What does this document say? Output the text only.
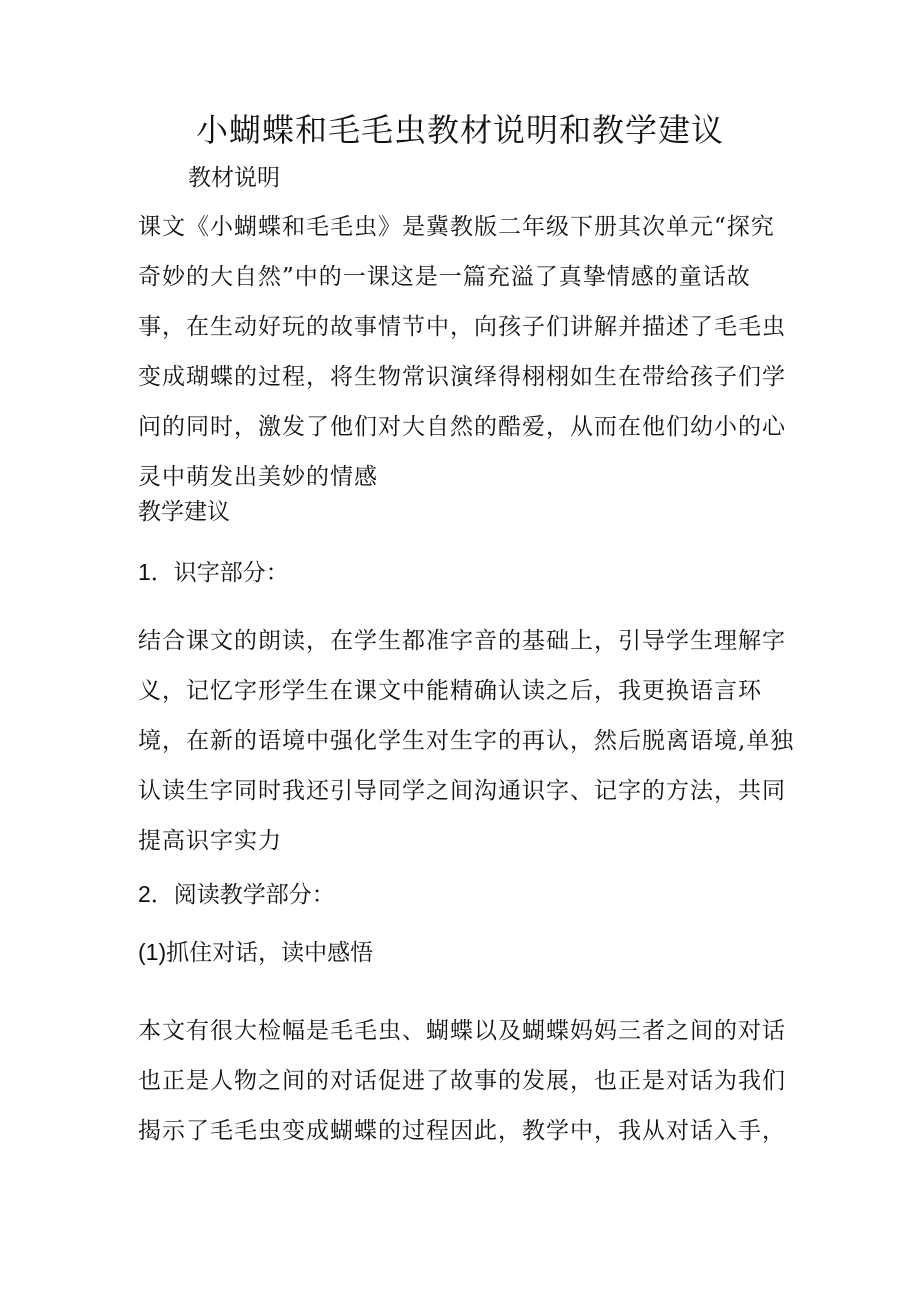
小蝴蝶和毛毛虫教材说明和教学建议
教材说明
课文《小蝴蝶和毛毛虫》是冀教版二年级下册其次单元“探究
奇妙的大自然”中的一课这是一篇充溢了真挚情感的童话故
事，在生动好玩的故事情节中，向孩子们讲解并描述了毛毛虫
变成瑚蝶的过程，将生物常识演绎得栩栩如生在带给孩子们学
问的同时，激发了他们对大自然的酷爱，从而在他们幼小的心
灵中萌发出美妙的情感
教学建议
1．识字部分：
结合课文的朗读，在学生都准字音的基础上，引导学生理解字
义，记忆字形学生在课文中能精确认读之后，我更换语言环
境，在新的语境中强化学生对生字的再认，然后脱离语境,单独
认读生字同时我还引导同学之间沟通识字、记字的方法，共同
提高识字实力
2．阅读教学部分：
(1)抓住对话，读中感悟
本文有很大检幅是毛毛虫、蝴蝶以及蝴蝶妈妈三者之间的对话
也正是人物之间的对话促进了故事的发展，也正是对话为我们
揭示了毛毛虫变成蝴蝶的过程因此，教学中，我从对话入手，
